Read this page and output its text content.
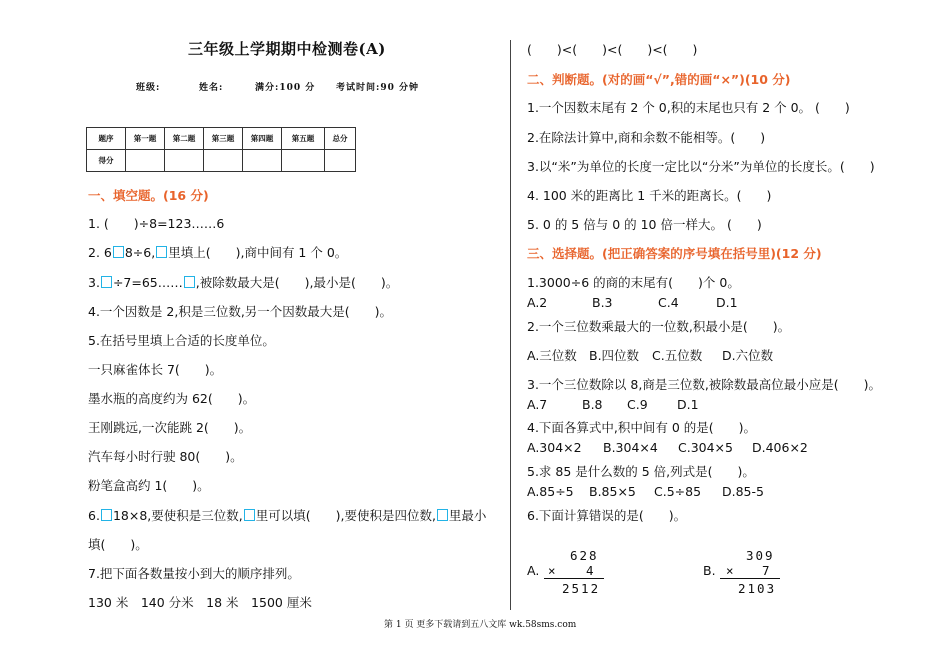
三年级上学期期中检测卷(A)
班级:	姓名:	满分:100 分 考试时间:90 分钟
题序	第一题	第二题	第三题	第四题	第五题	总分
得分						
一、填空题。(16 分)
1. (　　)÷8=123……6
2. 6 8÷6, 里填上(　　),商中间有 1 个 0。
3. ÷7=65…… ,被除数最大是(　　),最小是(　　)。
4.一个因数是 2,积是三位数,另一个因数最大是(　　)。
5.在括号里填上合适的长度单位。
一只麻雀体长 7(　　)。
墨水瓶的高度约为 62(　　)。
王刚跳远,一次能跳 2(　　)。
汽车每小时行驶 80(　　)。
粉笔盒高约 1(　　)。
6. 18×8,要使积是三位数, 里可以填(　　),要使积是四位数, 里最小
填(　　)。
7.把下面各数量按小到大的顺序排列。
130 米　140 分米　18 米　1500 厘米
(　　)<(　　)<(　　)<(　　)
二、判断题。(对的画“√”,错的画“×”)(10 分)
1.一个因数末尾有 2 个 0,积的末尾也只有 2 个 0。 (　　)
2.在除法计算中,商和余数不能相等。(　　)
3.以“米”为单位的长度一定比以“分米”为单位的长度长。(　　)
4. 100 米的距离比 1 千米的距离长。(　　)
5. 0 的 5 倍与 0 的 10 倍一样大。 (　　)
三、选择题。(把正确答案的序号填在括号里)(12 分)
1.3000÷6 的商的末尾有(　　)个 0。
A.2	B.3	C.4	D.1
2.一个三位数乘最大的一位数,积最小是(　　)。
A.三位数 B.四位数 C.五位数 D.六位数
3.一个三位数除以 8,商是三位数,被除数最高位最小应是(　　)。
A.7	B.8 C.9 D.1
4.下面各算式中,积中间有 0 的是(　　)。
A.304×2 B.304×4 C.304×5 D.406×2
5.求 85 是什么数的 5 倍,列式是(　　)。
A.85÷5 B.85×5 C.5÷85 D.85-5
6.下面计算错误的是(　　)。
A.
628
× 4
2512
B.
309
× 7
2103
第 1 页 更多下载请到五八文库 wk.58sms.com
